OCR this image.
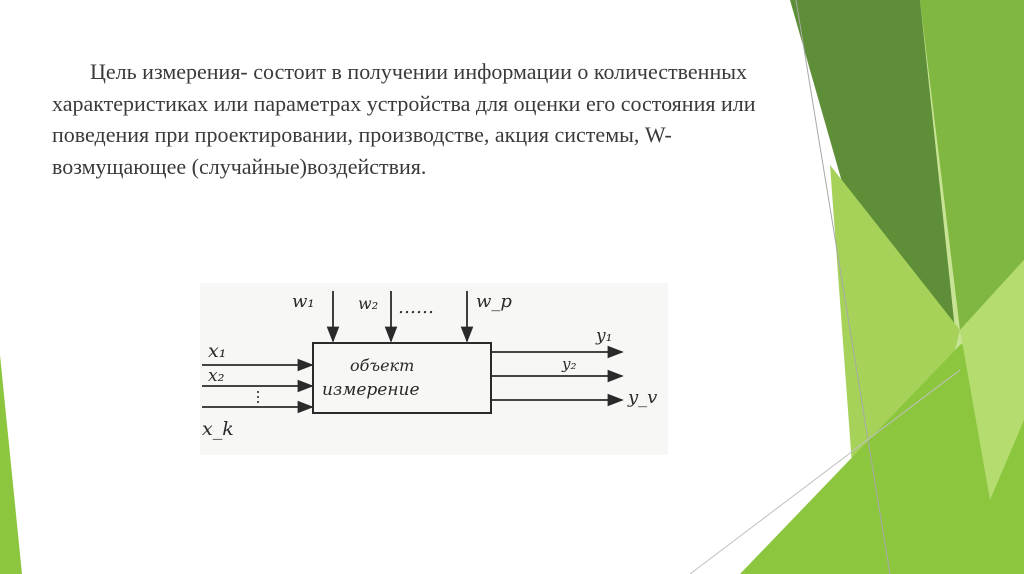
Цель измерения- состоит в получении информации о количественных характеристиках или параметрах устройства для оценки его состояния или поведения при проектировании, производстве, акция системы, W- возмущающее (случайные)воздействия.

объект
измерение
x₁
x₂
x_k
w₁	w₂ …… w_p
y₁
y₂
y_v
